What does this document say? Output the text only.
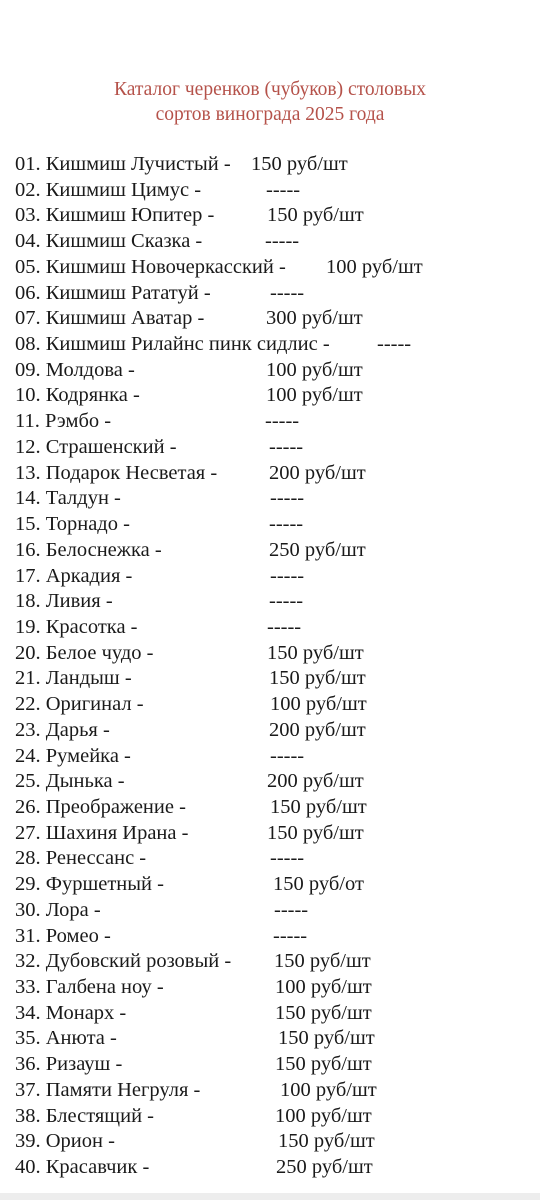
Каталог черенков (чубуков) столовых
сортов винограда 2025 года
01. Кишмиш Лучистый - 150 руб/шт
02. Кишмиш Цимус -	-----
03. Кишмиш Юпитер -	150 руб/шт
04. Кишмиш Сказка -	-----
05. Кишмиш Новочеркасский - 100 руб/шт
06. Кишмиш Рататуй -	-----
07. Кишмиш Аватар -	300 руб/шт
08. Кишмиш Рилайнс пинк сидлис - -----
09. Молдова -	100 руб/шт
10. Кодрянка -	100 руб/шт
11. Рэмбо -	-----
12. Страшенский -	-----
13. Подарок Несветая -	200 руб/шт
14. Талдун -	-----
15. Торнадо -	-----
16. Белоснежка -	250 руб/шт
17. Аркадия -	-----
18. Ливия -	-----
19. Красотка -	-----
20. Белое чудо -	150 руб/шт
21. Ландыш -	150 руб/шт
22. Оригинал -	100 руб/шт
23. Дарья -	200 руб/шт
24. Румейка -	-----
25. Дынька -	200 руб/шт
26. Преображение -	150 руб/шт
27. Шахиня Ирана -	150 руб/шт
28. Ренессанс -	-----
29. Фуршетный -	150 руб/от
30. Лора -	-----
31. Ромео -	-----
32. Дубовский розовый - 150 руб/шт
33. Галбена ноу -	100 руб/шт
34. Монарх -	150 руб/шт
35. Анюта -	150 руб/шт
36. Ризауш -	150 руб/шт
37. Памяти Негруля -	100 руб/шт
38. Блестящий -	100 руб/шт
39. Орион -	150 руб/шт
40. Красавчик -	250 руб/шт
